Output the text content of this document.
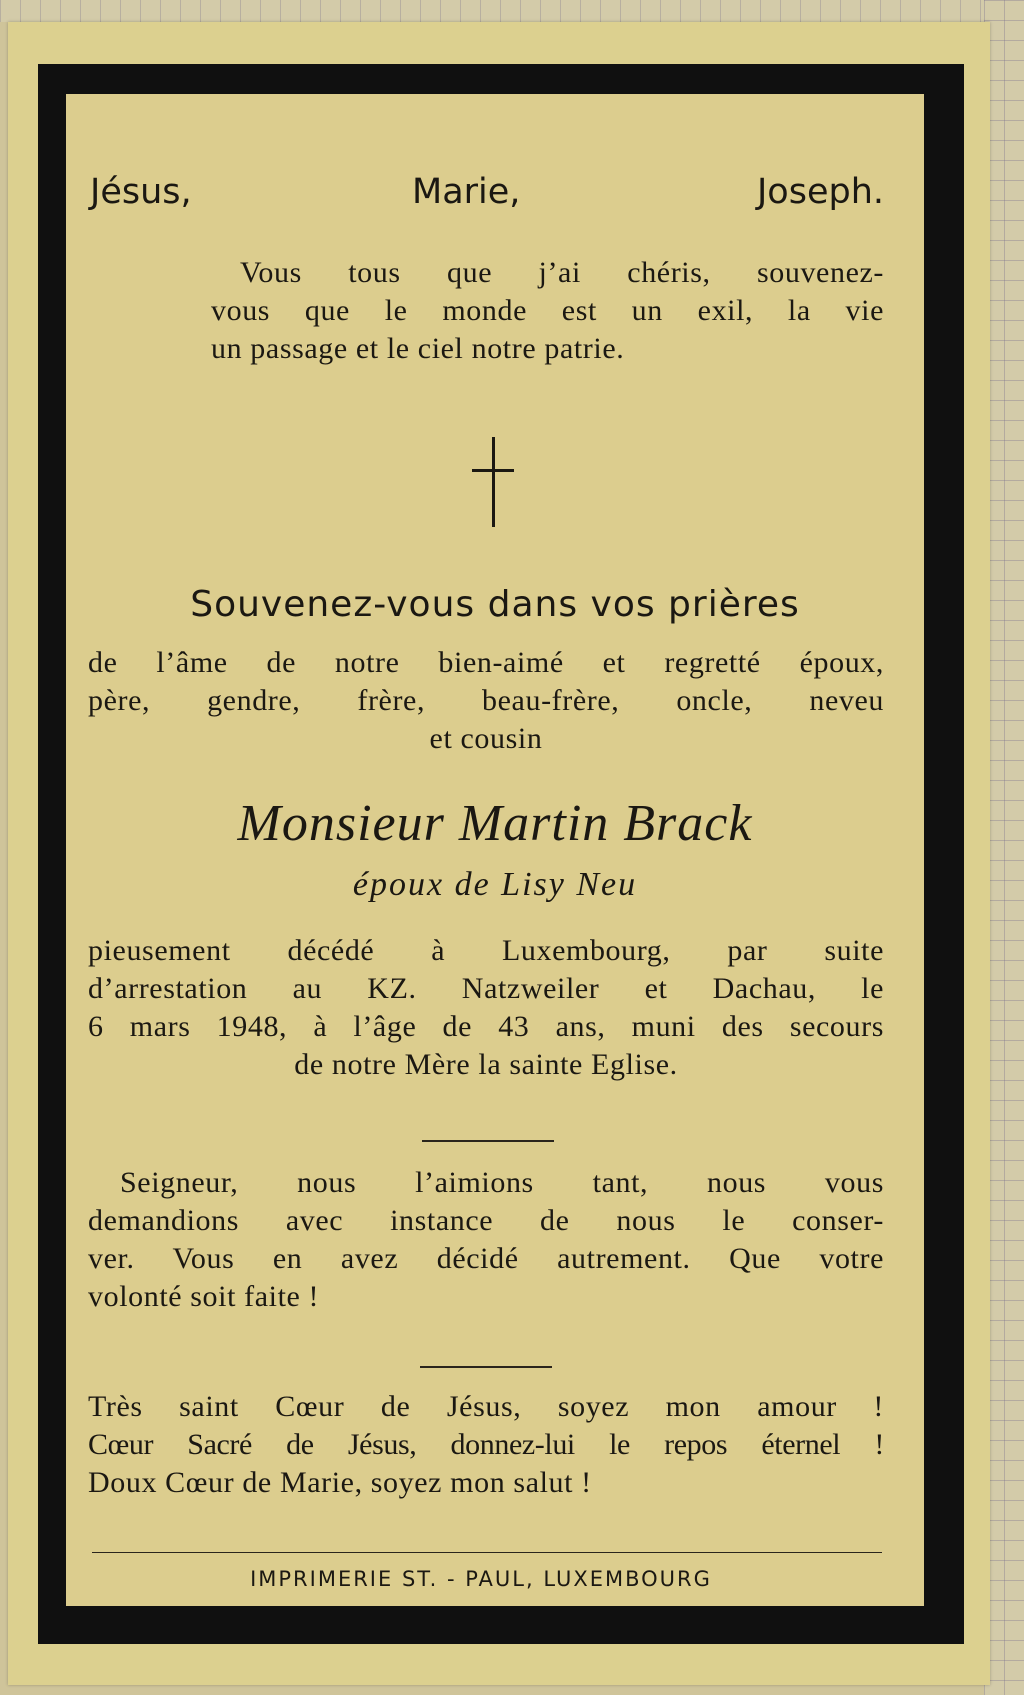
Jésus,	Marie,	Joseph.
Vous tous que j’ai chéris, souvenez-
vous que le monde est un exil, la vie
un passage et le ciel notre patrie.
Souvenez-vous dans vos prières
de l’âme de notre bien-aimé et regretté époux,
père, gendre, frère, beau-frère, oncle, neveu
et cousin
Monsieur Martin Brack
époux de Lisy Neu
pieusement décédé à Luxembourg, par suite
d’arrestation au KZ. Natzweiler et Dachau, le
6 mars 1948, à l’âge de 43 ans, muni des secours
de notre Mère la sainte Eglise.
Seigneur, nous l’aimions tant, nous vous
demandions avec instance de nous le conser-
ver. Vous en avez décidé autrement. Que votre
volonté soit faite !
Très saint Cœur de Jésus, soyez mon amour !
Cœur Sacré de Jésus, donnez-lui le repos éternel !
Doux Cœur de Marie, soyez mon salut !
IMPRIMERIE ST. - PAUL, LUXEMBOURG
